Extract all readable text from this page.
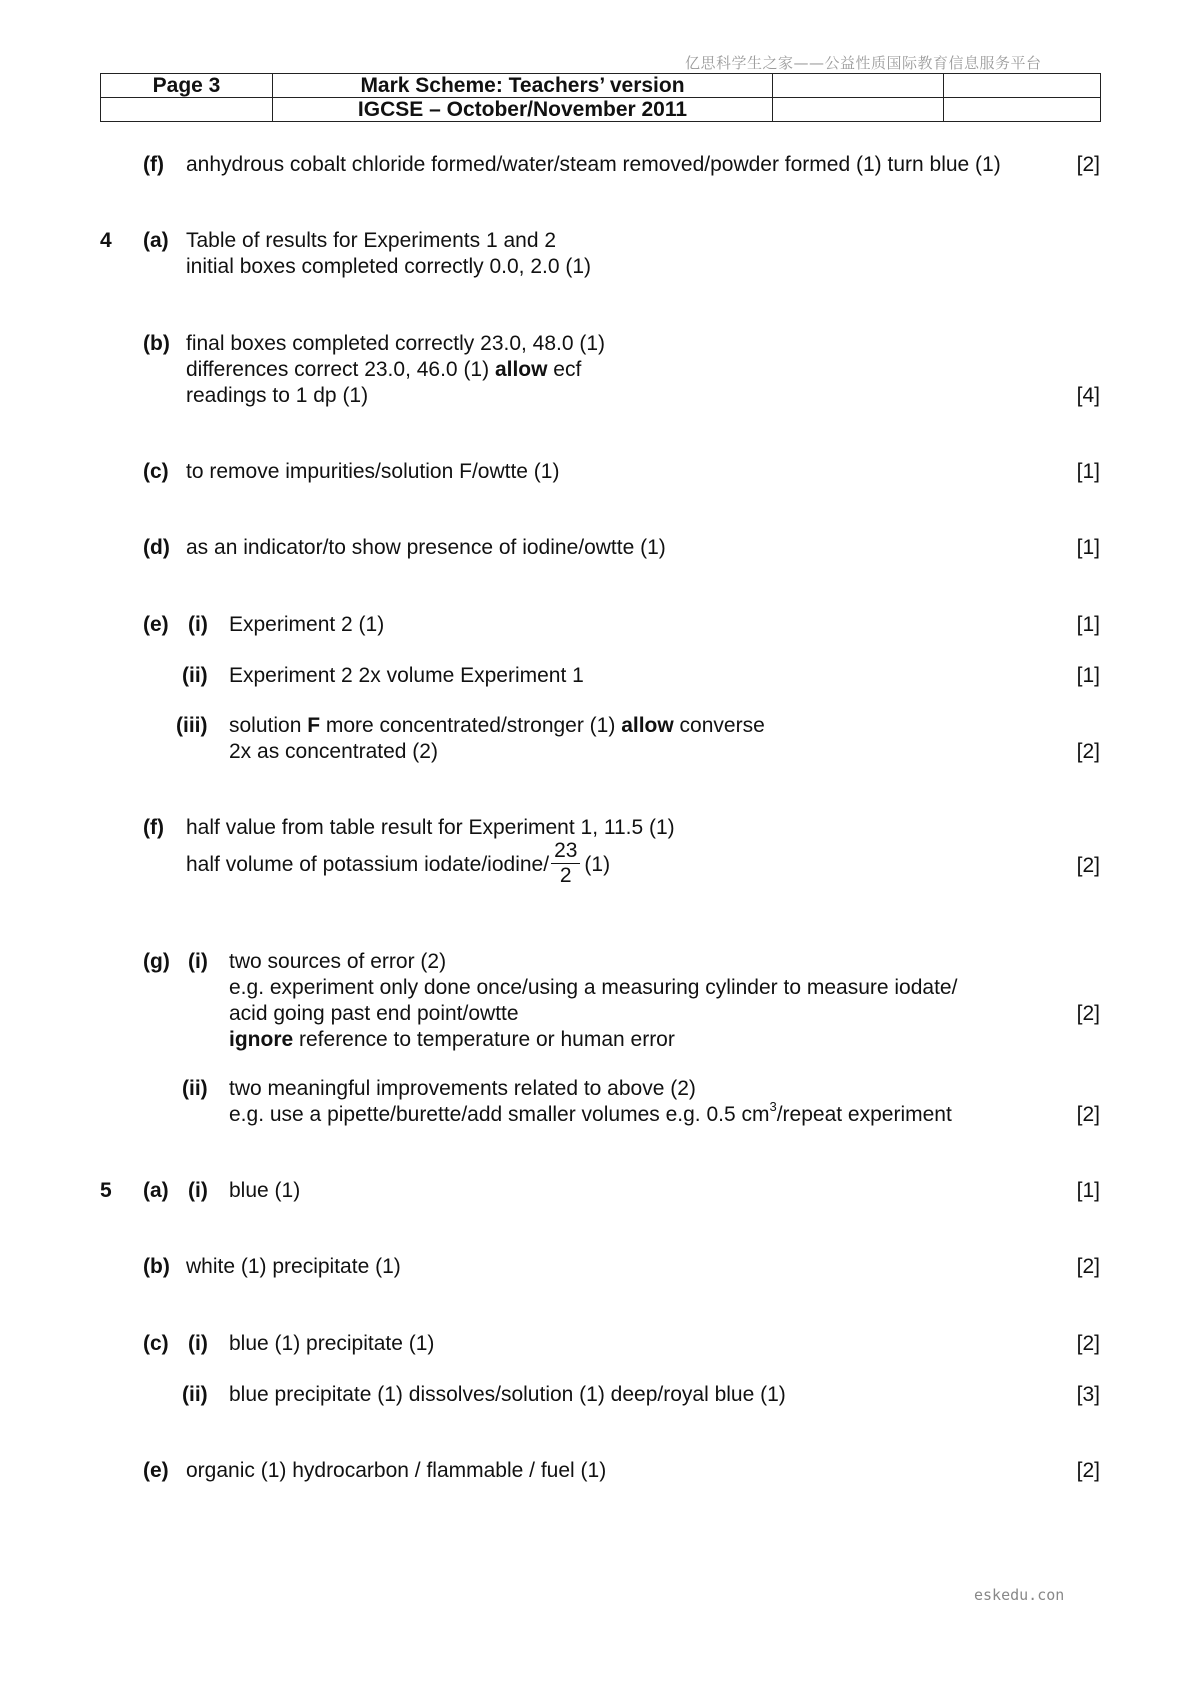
亿思科学生之家——公益性质国际教育信息服务平台
Page 3	Mark Scheme: Teachers’ version		
	IGCSE – October/November 2011		
(f) anhydrous cobalt chloride formed/water/steam removed/powder formed (1) turn blue (1)	[2]
4 (a) Table of results for Experiments 1 and 2
initial boxes completed correctly 0.0, 2.0 (1)
(b) final boxes completed correctly 23.0, 48.0 (1)
differences correct 23.0, 46.0 (1) allow ecf
readings to 1 dp (1)	[4]
(c) to remove impurities/solution F/owtte (1)	[1]
(d) as an indicator/to show presence of iodine/owtte (1)	[1]
(e) (i) Experiment 2 (1)	[1]
(ii) Experiment 2 2x volume Experiment 1	[1]
(iii) solution F more concentrated/stronger (1) allow converse
2x as concentrated (2)	[2]
(f) half value from table result for Experiment 1, 11.5 (1)
half volume of potassium iodate/iodine/ $\frac{23}{2} (1)$	[2]
(g) (i) two sources of error (2)
e.g. experiment only done once/using a measuring cylinder to measure iodate/
acid going past end point/owtte
ignore reference to temperature or human error
[2]
(ii) two meaningful improvements related to above (2)
e.g. use a pipette/burette/add smaller volumes e.g. 0.5 $cm^3$/repeat experiment	[2]
5 (a) (i) blue (1)	[1]
(b) white (1) precipitate (1)	[2]
(c) (i) blue (1) precipitate (1)	[2]
(ii) blue precipitate (1) dissolves/solution (1) deep/royal blue (1)	[3]
(e) organic (1) hydrocarbon / flammable / fuel (1)	[2]
eskedu.con
